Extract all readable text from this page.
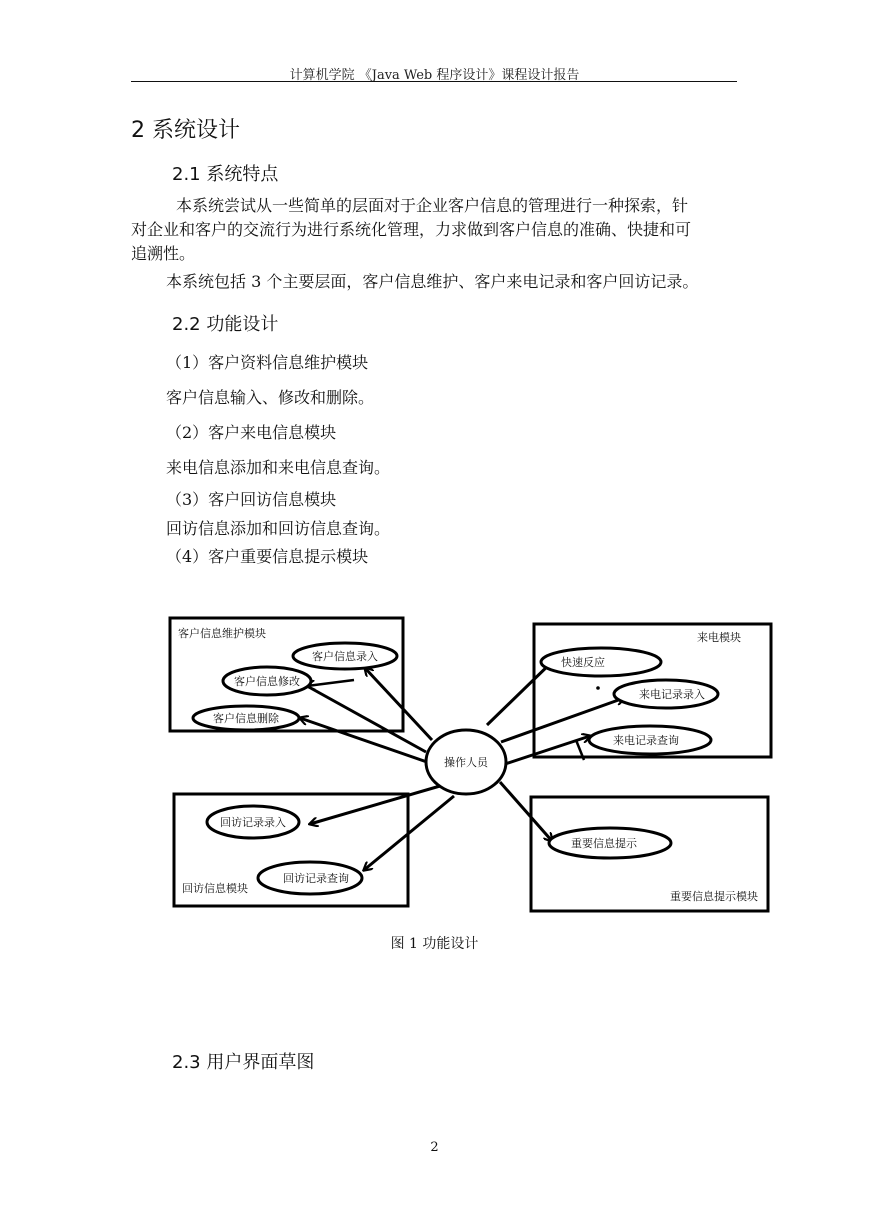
计算机学院 《Java Web 程序设计》课程设计报告
2 系统设计
2.1 系统特点
本系统尝试从一些简单的层面对于企业客户信息的管理进行一种探索，针
对企业和客户的交流行为进行系统化管理，力求做到客户信息的准确、快捷和可
追溯性。
本系统包括 3 个主要层面，客户信息维护、客户来电记录和客户回访记录。
2.2 功能设计
（1）客户资料信息维护模块
客户信息输入、修改和删除。
（2）客户来电信息模块
来电信息添加和来电信息查询。
（3）客户回访信息模块
回访信息添加和回访信息查询。
（4）客户重要信息提示模块
操作人员
客户信息维护模块
客户信息录入
客户信息修改
客户信息删除
来电模块
快速反应
来电记录录入
来电记录查询
回访记录录入
回访记录查询
回访信息模块
重要信息提示
重要信息提示模块
图 1 功能设计
2.3 用户界面草图
2
